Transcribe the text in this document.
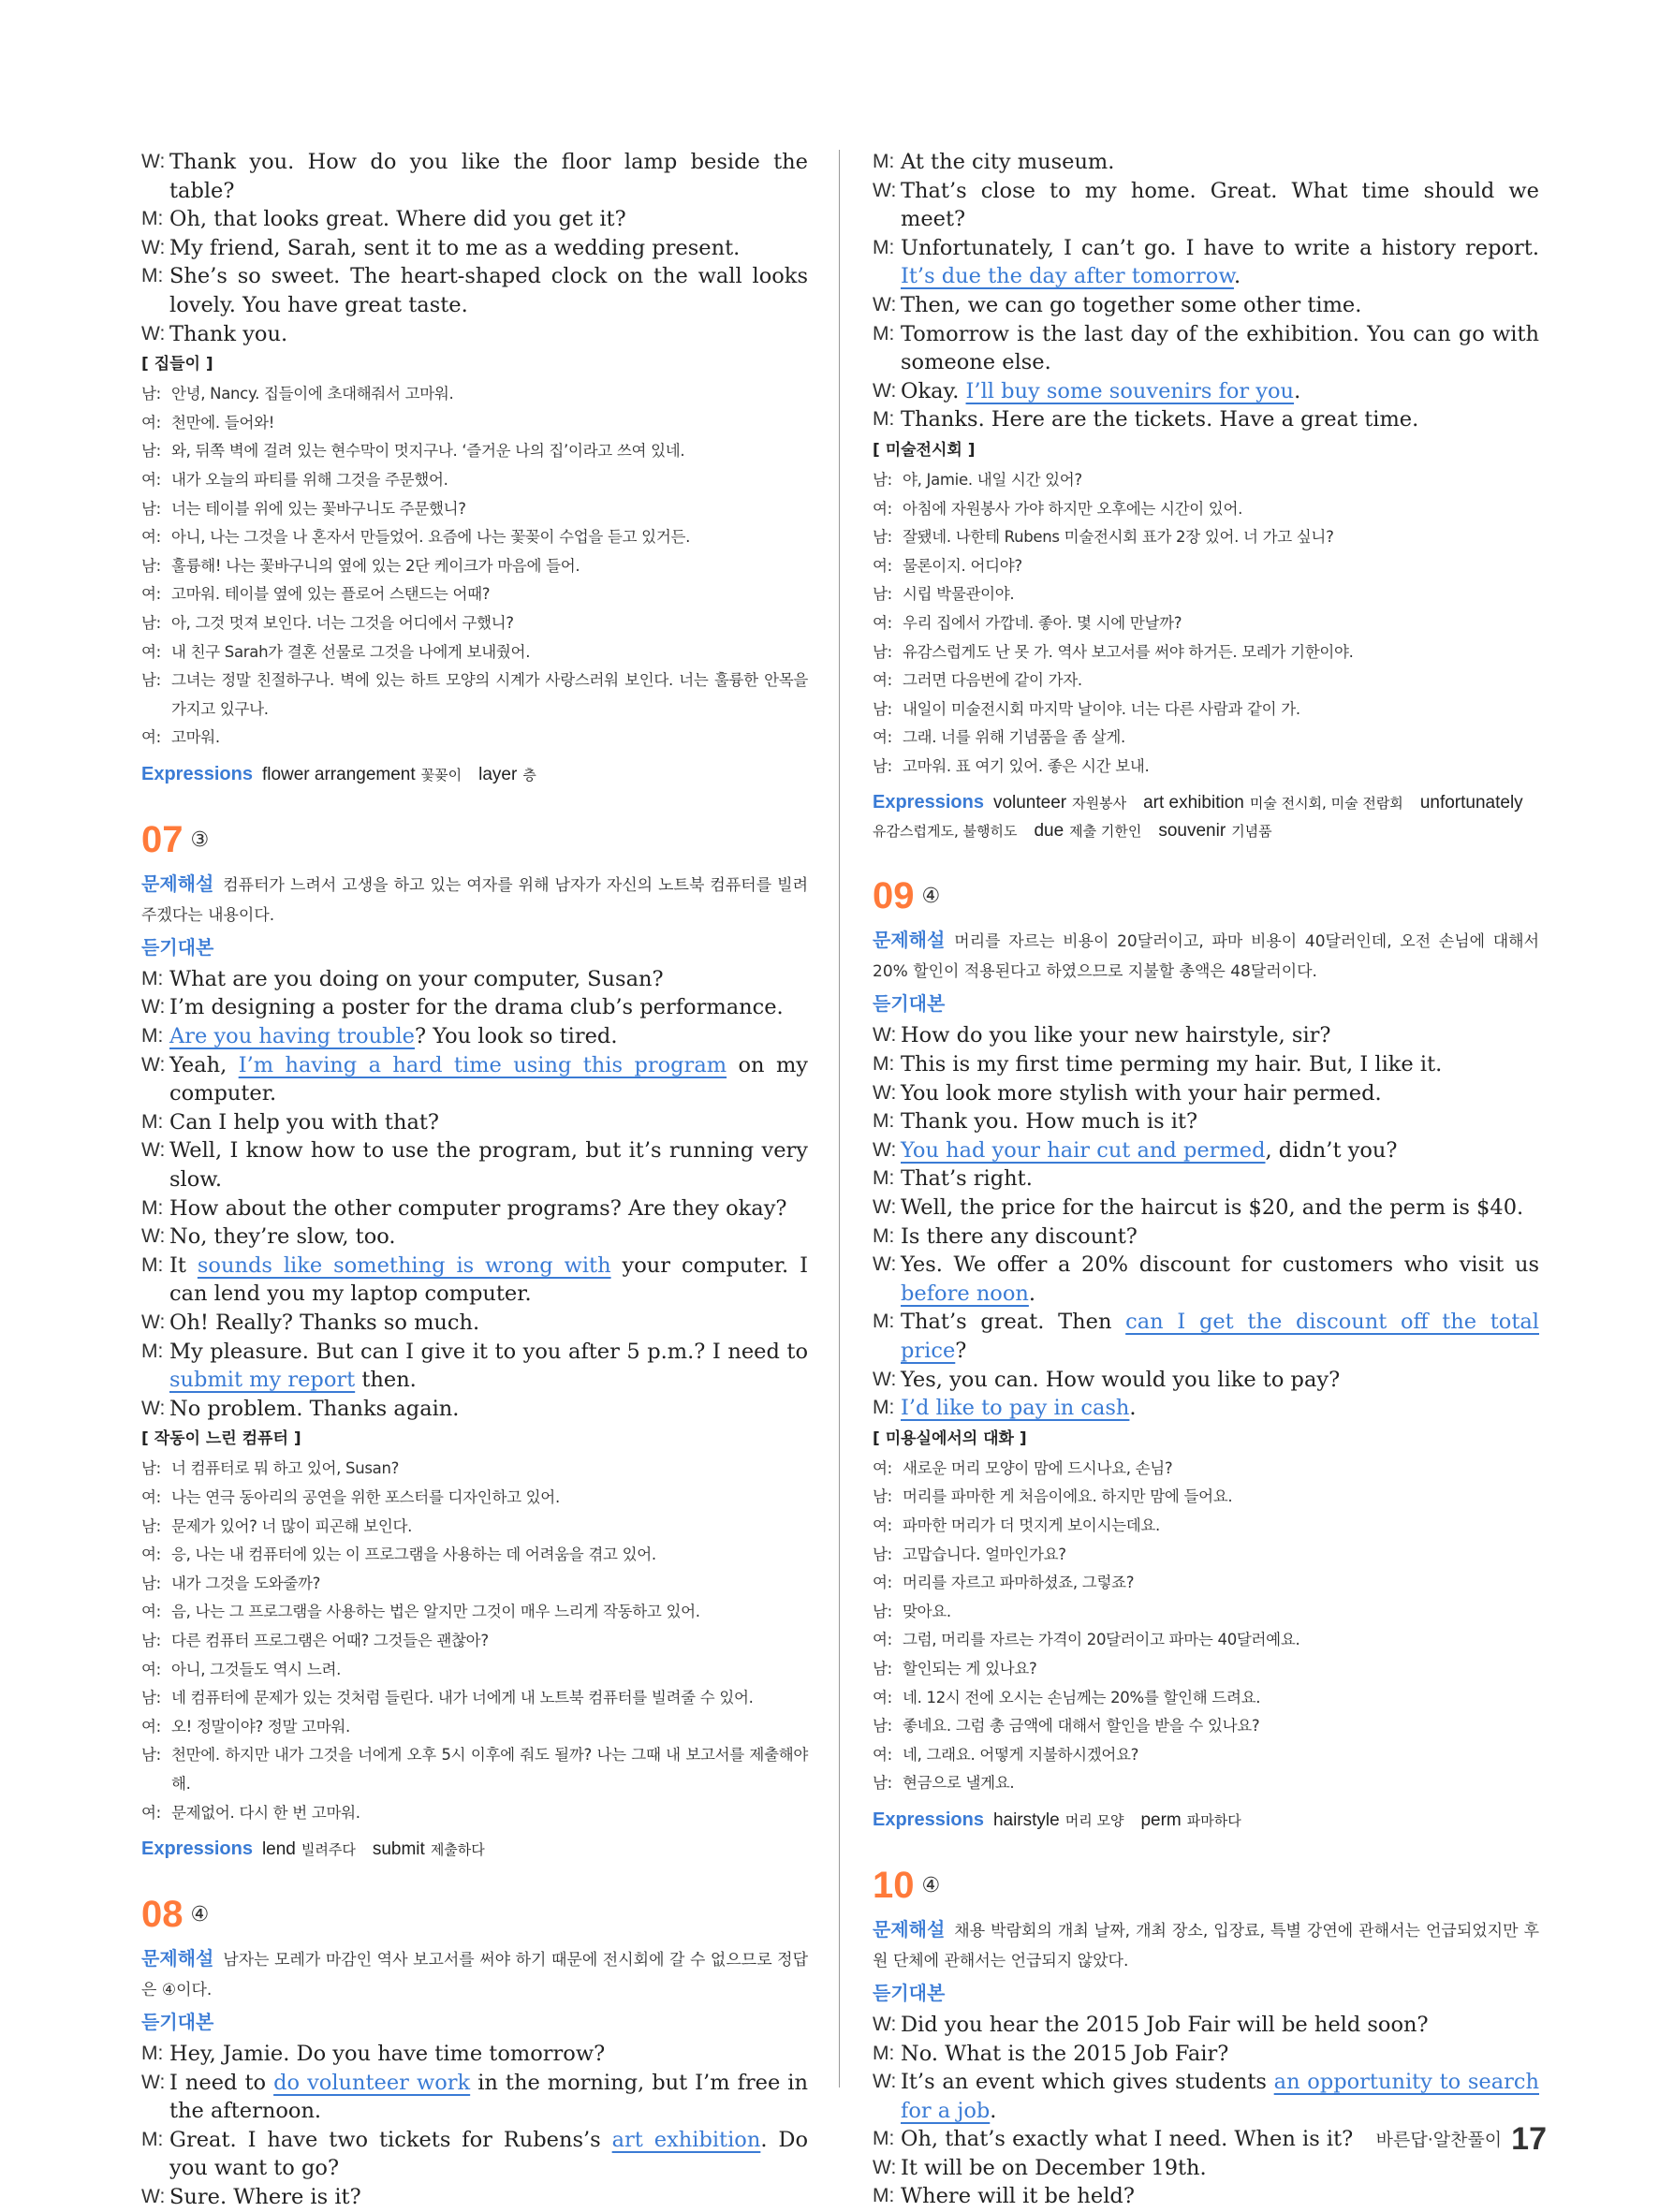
W: Thank you. How do you like the floor lamp beside the table?
M: Oh, that looks great. Where did you get it?
W: My friend, Sarah, sent it to me as a wedding present.
M: She’s so sweet. The heart-shaped clock on the wall looks lovely. You have great taste.
W: Thank you.
[ 집들이 ]
남: 안녕, Nancy. 집들이에 초대해줘서 고마워.
여: 천만에. 들어와!
남: 와, 뒤쪽 벽에 걸려 있는 현수막이 멋지구나. ‘즐거운 나의 집’이라고 쓰여 있네.
여: 내가 오늘의 파티를 위해 그것을 주문했어.
남: 너는 테이블 위에 있는 꽃바구니도 주문했니?
여: 아니, 나는 그것을 나 혼자서 만들었어. 요즘에 나는 꽃꽂이 수업을 듣고 있거든.
남: 훌륭해! 나는 꽃바구니의 옆에 있는 2단 케이크가 마음에 들어.
여: 고마워. 테이블 옆에 있는 플로어 스탠드는 어때?
남: 아, 그것 멋져 보인다. 너는 그것을 어디에서 구했니?
여: 내 친구 Sarah가 결혼 선물로 그것을 나에게 보내줬어.
남: 그녀는 정말 친절하구나. 벽에 있는 하트 모양의 시계가 사랑스러워 보인다. 너는 훌륭한 안목을 가지고 있구나.
여: 고마워.
Expressions flower arrangement 꽃꽂이 layer 층
07 ③
문제해설 컴퓨터가 느려서 고생을 하고 있는 여자를 위해 남자가 자신의 노트북 컴퓨터를 빌려주겠다는 내용이다.
듣기대본
M: What are you doing on your computer, Susan?
W: I’m designing a poster for the drama club’s performance.
M: Are you having trouble? You look so tired.
W: Yeah, I’m having a hard time using this program on my computer.
M: Can I help you with that?
W: Well, I know how to use the program, but it’s running very slow.
M: How about the other computer programs? Are they okay?
W: No, they’re slow, too.
M: It sounds like something is wrong with your computer. I can lend you my laptop computer.
W: Oh! Really? Thanks so much.
M: My pleasure. But can I give it to you after 5 p.m.? I need to submit my report then.
W: No problem. Thanks again.
[ 작동이 느린 컴퓨터 ]
남: 너 컴퓨터로 뭐 하고 있어, Susan?
여: 나는 연극 동아리의 공연을 위한 포스터를 디자인하고 있어.
남: 문제가 있어? 너 많이 피곤해 보인다.
여: 응, 나는 내 컴퓨터에 있는 이 프로그램을 사용하는 데 어려움을 겪고 있어.
남: 내가 그것을 도와줄까?
여: 음, 나는 그 프로그램을 사용하는 법은 알지만 그것이 매우 느리게 작동하고 있어.
남: 다른 컴퓨터 프로그램은 어때? 그것들은 괜찮아?
여: 아니, 그것들도 역시 느려.
남: 네 컴퓨터에 문제가 있는 것처럼 들린다. 내가 너에게 내 노트북 컴퓨터를 빌려줄 수 있어.
여: 오! 정말이야? 정말 고마워.
남: 천만에. 하지만 내가 그것을 너에게 오후 5시 이후에 줘도 될까? 나는 그때 내 보고서를 제출해야 해.
여: 문제없어. 다시 한 번 고마워.
Expressions lend 빌려주다 submit 제출하다
08 ④
문제해설 남자는 모레가 마감인 역사 보고서를 써야 하기 때문에 전시회에 갈 수 없으므로 정답은 ④이다.
듣기대본
M: Hey, Jamie. Do you have time tomorrow?
W: I need to do volunteer work in the morning, but I’m free in the afternoon.
M: Great. I have two tickets for Rubens’s art exhibition. Do you want to go?
W: Sure. Where is it?
M: At the city museum.
W: That’s close to my home. Great. What time should we meet?
M: Unfortunately, I can’t go. I have to write a history report. It’s due the day after tomorrow.
W: Then, we can go together some other time.
M: Tomorrow is the last day of the exhibition. You can go with someone else.
W: Okay. I’ll buy some souvenirs for you.
M: Thanks. Here are the tickets. Have a great time.
[ 미술전시회 ]
남: 야, Jamie. 내일 시간 있어?
여: 아침에 자원봉사 가야 하지만 오후에는 시간이 있어.
남: 잘됐네. 나한테 Rubens 미술전시회 표가 2장 있어. 너 가고 싶니?
여: 물론이지. 어디야?
남: 시립 박물관이야.
여: 우리 집에서 가깝네. 좋아. 몇 시에 만날까?
남: 유감스럽게도 난 못 가. 역사 보고서를 써야 하거든. 모레가 기한이야.
여: 그러면 다음번에 같이 가자.
남: 내일이 미술전시회 마지막 날이야. 너는 다른 사람과 같이 가.
여: 그래. 너를 위해 기념품을 좀 살게.
남: 고마워. 표 여기 있어. 좋은 시간 보내.
Expressions volunteer 자원봉사 art exhibition 미술 전시회, 미술 전람회 unfortunately유감스럽게도, 불행히도 due 제출 기한인 souvenir 기념품
09 ④
문제해설 머리를 자르는 비용이 20달러이고, 파마 비용이 40달러인데, 오전 손님에 대해서 20% 할인이 적용된다고 하였으므로 지불할 총액은 48달러이다.
듣기대본
W: How do you like your new hairstyle, sir?
M: This is my first time perming my hair. But, I like it.
W: You look more stylish with your hair permed.
M: Thank you. How much is it?
W: You had your hair cut and permed, didn’t you?
M: That’s right.
W: Well, the price for the haircut is $20, and the perm is $40.
M: Is there any discount?
W: Yes. We offer a 20% discount for customers who visit us before noon.
M: That’s great. Then can I get the discount off the total price?
W: Yes, you can. How would you like to pay?
M: I’d like to pay in cash.
[ 미용실에서의 대화 ]
여: 새로운 머리 모양이 맘에 드시나요, 손님?
남: 머리를 파마한 게 처음이에요. 하지만 맘에 들어요.
여: 파마한 머리가 더 멋지게 보이시는데요.
남: 고맙습니다. 얼마인가요?
여: 머리를 자르고 파마하셨죠, 그렇죠?
남: 맞아요.
여: 그럼, 머리를 자르는 가격이 20달러이고 파마는 40달러예요.
남: 할인되는 게 있나요?
여: 네. 12시 전에 오시는 손님께는 20%를 할인해 드려요.
남: 좋네요. 그럼 총 금액에 대해서 할인을 받을 수 있나요?
여: 네, 그래요. 어떻게 지불하시겠어요?
남: 현금으로 낼게요.
Expressions hairstyle 머리 모양 perm 파마하다
10 ④
문제해설 채용 박람회의 개최 날짜, 개최 장소, 입장료, 특별 강연에 관해서는 언급되었지만 후원 단체에 관해서는 언급되지 않았다.
듣기대본
W: Did you hear the 2015 Job Fair will be held soon?
M: No. What is the 2015 Job Fair?
W: It’s an event which gives students an opportunity to search for a job.
M: Oh, that’s exactly what I need. When is it?
W: It will be on December 19th.
M: Where will it be held?
바른답·알찬풀이 17
